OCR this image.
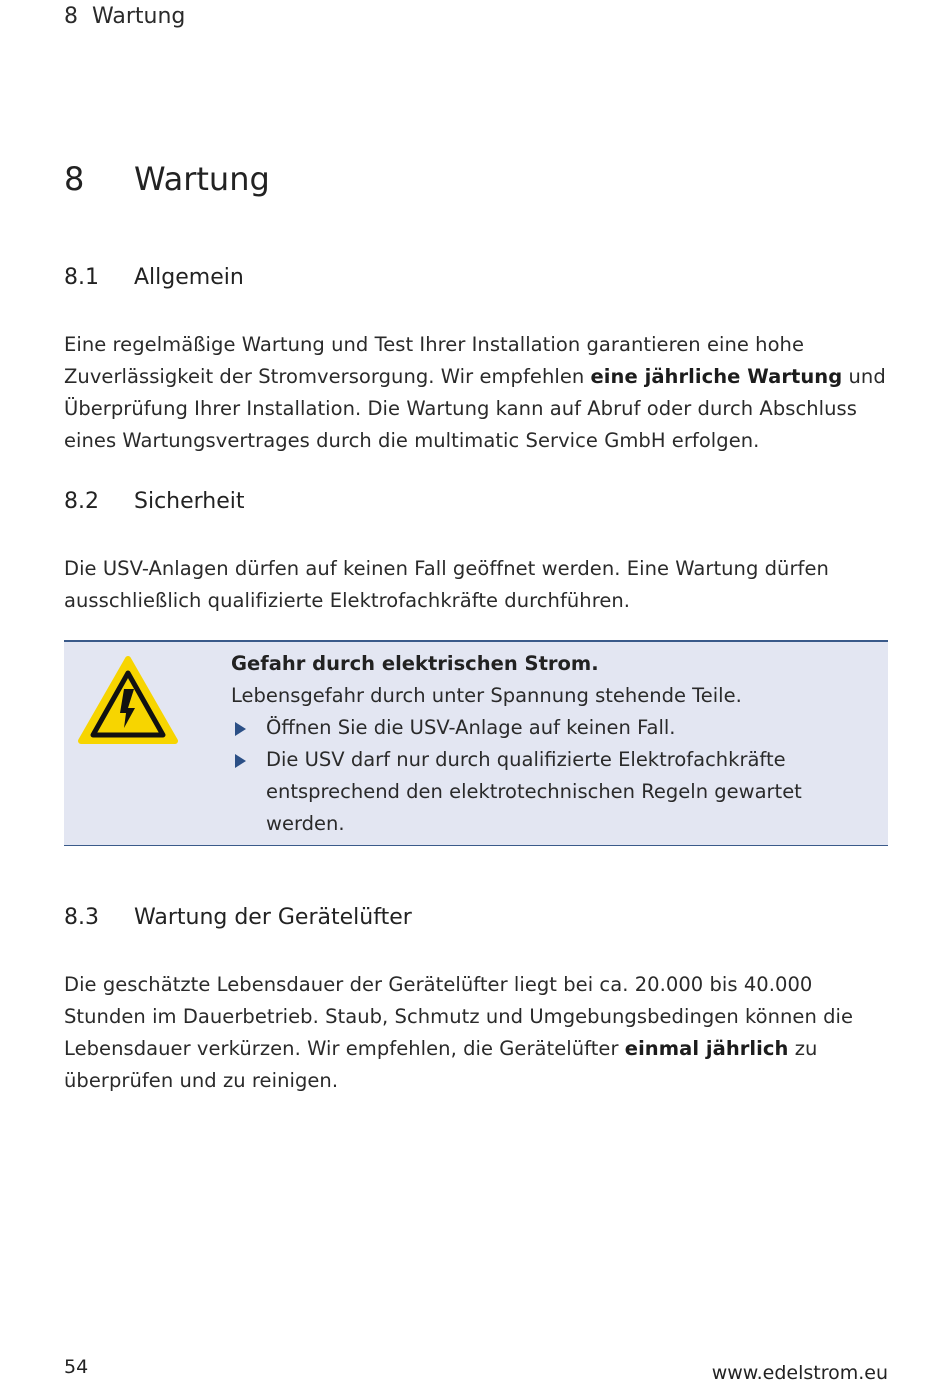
8 Wartung
8 Wartung
8.1 Allgemein

Eine regelmäßige Wartung und Test Ihrer Installation garantieren eine hohe Zuverlässigkeit der Stromversorgung. Wir empfehlen eine jährliche Wartung und Überprüfung Ihrer Installation. Die Wartung kann auf Abruf oder durch Abschluss eines Wartungsvertrages durch die multimatic Service GmbH erfolgen.

8.2 Sicherheit

Die USV-Anlagen dürfen auf keinen Fall geöffnet werden. Eine Wartung dürfen ausschließlich qualifizierte Elektrofachkräfte durchführen.

Gefahr durch elektrischen Strom.
Lebensgefahr durch unter Spannung stehende Teile.
Öffnen Sie die USV-Anlage auf keinen Fall.
Die USV darf nur durch qualifizierte Elektrofachkräfte entsprechend den elektrotechnischen Regeln gewartet werden.
8.3 Wartung der Gerätelüfter

Die geschätzte Lebensdauer der Gerätelüfter liegt bei ca. 20.000 bis 40.000 Stunden im Dauerbetrieb. Staub, Schmutz und Umgebungsbedingen können die Lebensdauer verkürzen. Wir empfehlen, die Gerätelüfter einmal jährlich zu überprüfen und zu reinigen.

54	www.edelstrom.eu
